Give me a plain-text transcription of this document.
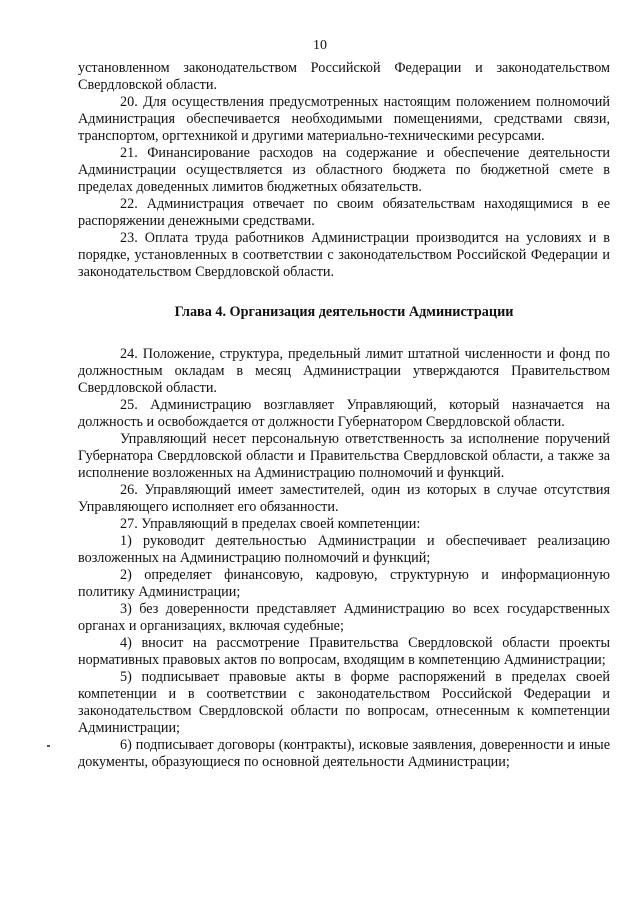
10

установленном законодательством Российской Федерации и законодательством Свердловской области.

20. Для осуществления предусмотренных настоящим положением полномочий Администрация обеспечивается необходимыми помещениями, средствами связи, транспортом, оргтехникой и другими материально-техническими ресурсами.

21. Финансирование расходов на содержание и обеспечение деятельности Администрации осуществляется из областного бюджета по бюджетной смете в пределах доведенных лимитов бюджетных обязательств.

22. Администрация отвечает по своим обязательствам находящимися в ее распоряжении денежными средствами.

23. Оплата труда работников Администрации производится на условиях и в порядке, установленных в соответствии с законодательством Российской Федерации и законодательством Свердловской области.

Глава 4. Организация деятельности Администрации

24. Положение, структура, предельный лимит штатной численности и фонд по должностным окладам в месяц Администрации утверждаются Правительством Свердловской области.

25. Администрацию возглавляет Управляющий, который назначается на должность и освобождается от должности Губернатором Свердловской области.

Управляющий несет персональную ответственность за исполнение поручений Губернатора Свердловской области и Правительства Свердловской области, а также за исполнение возложенных на Администрацию полномочий и функций.

26. Управляющий имеет заместителей, один из которых в случае отсутствия Управляющего исполняет его обязанности.

27. Управляющий в пределах своей компетенции:

1) руководит деятельностью Администрации и обеспечивает реализацию возложенных на Администрацию полномочий и функций;

2) определяет финансовую, кадровую, структурную и информационную политику Администрации;

3) без доверенности представляет Администрацию во всех государственных органах и организациях, включая судебные;

4) вносит на рассмотрение Правительства Свердловской области проекты нормативных правовых актов по вопросам, входящим в компетенцию Администрации;

5) подписывает правовые акты в форме распоряжений в пределах своей компетенции и в соответствии с законодательством Российской Федерации и законодательством Свердловской области по вопросам, отнесенным к компетенции Администрации;

6) подписывает договоры (контракты), исковые заявления, доверенности и иные документы, образующиеся по основной деятельности Администрации;
